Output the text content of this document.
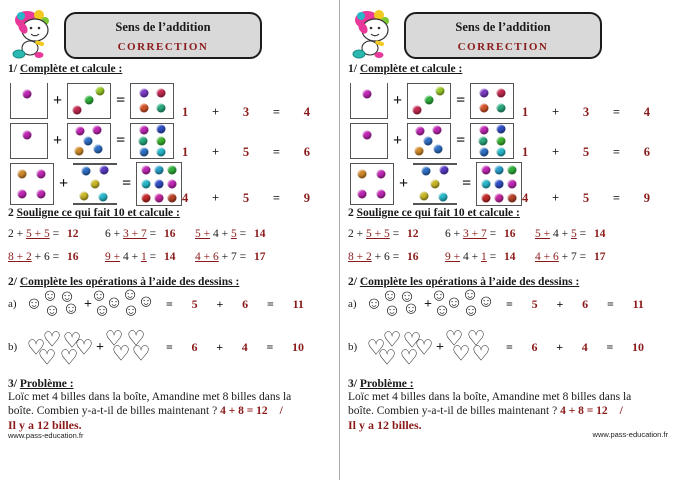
Sens de l’addition
CORRECTION
1/ Complète et calcule :
+	=
1 + 3 = 4
+	=
1 + 5 = 6
+	=
4 + 5 = 9
2 Souligne ce qui fait 10 et calcule :
2 + 5 + 5 = 12	6 + 3 + 7 = 16	5 + 4 + 5 = 14
8 + 2 + 6 = 16	9 + 4 + 1 = 14	4 + 6 + 7 = 17
2/ Complète les opérations à l’aide des dessins :
a) ☺
☺ ☺
☺ ☺ +
☺
☺
☺
☺
☺ ☺ = 5 + 6 = 11
b) ♡
♡ ♡
♡
♡ ♡ + ♡ ♡
♡ ♡ = 6 + 4 = 10
3/ Problème :
Loïc met 4 billes dans la boîte, Amandine met 8 billes dans la boîte. Combien y-a-t-il de billes maintenant ? 4 + 8 = 12 /
Il y a 12 billes.
www.pass-education.fr
Sens de l’addition
CORRECTION
1/ Complète et calcule :
+	=
1 + 3 = 4
+	=
1 + 5 = 6
+	=
4 + 5 = 9
2 Souligne ce qui fait 10 et calcule :
2 + 5 + 5 = 12	6 + 3 + 7 = 16	5 + 4 + 5 = 14
8 + 2 + 6 = 16	9 + 4 + 1 = 14	4 + 6 + 7 = 17
2/ Complète les opérations à l’aide des dessins :
a) ☺
☺ ☺
☺ ☺ +
☺
☺
☺
☺
☺ ☺ = 5 + 6 = 11
b) ♡
♡ ♡
♡
♡ ♡ + ♡ ♡
♡ ♡ = 6 + 4 = 10
3/ Problème :
Loïc met 4 billes dans la boîte, Amandine met 8 billes dans la boîte. Combien y-a-t-il de billes maintenant ? 4 + 8 = 12 /
Il y a 12 billes.
www.pass-education.fr
